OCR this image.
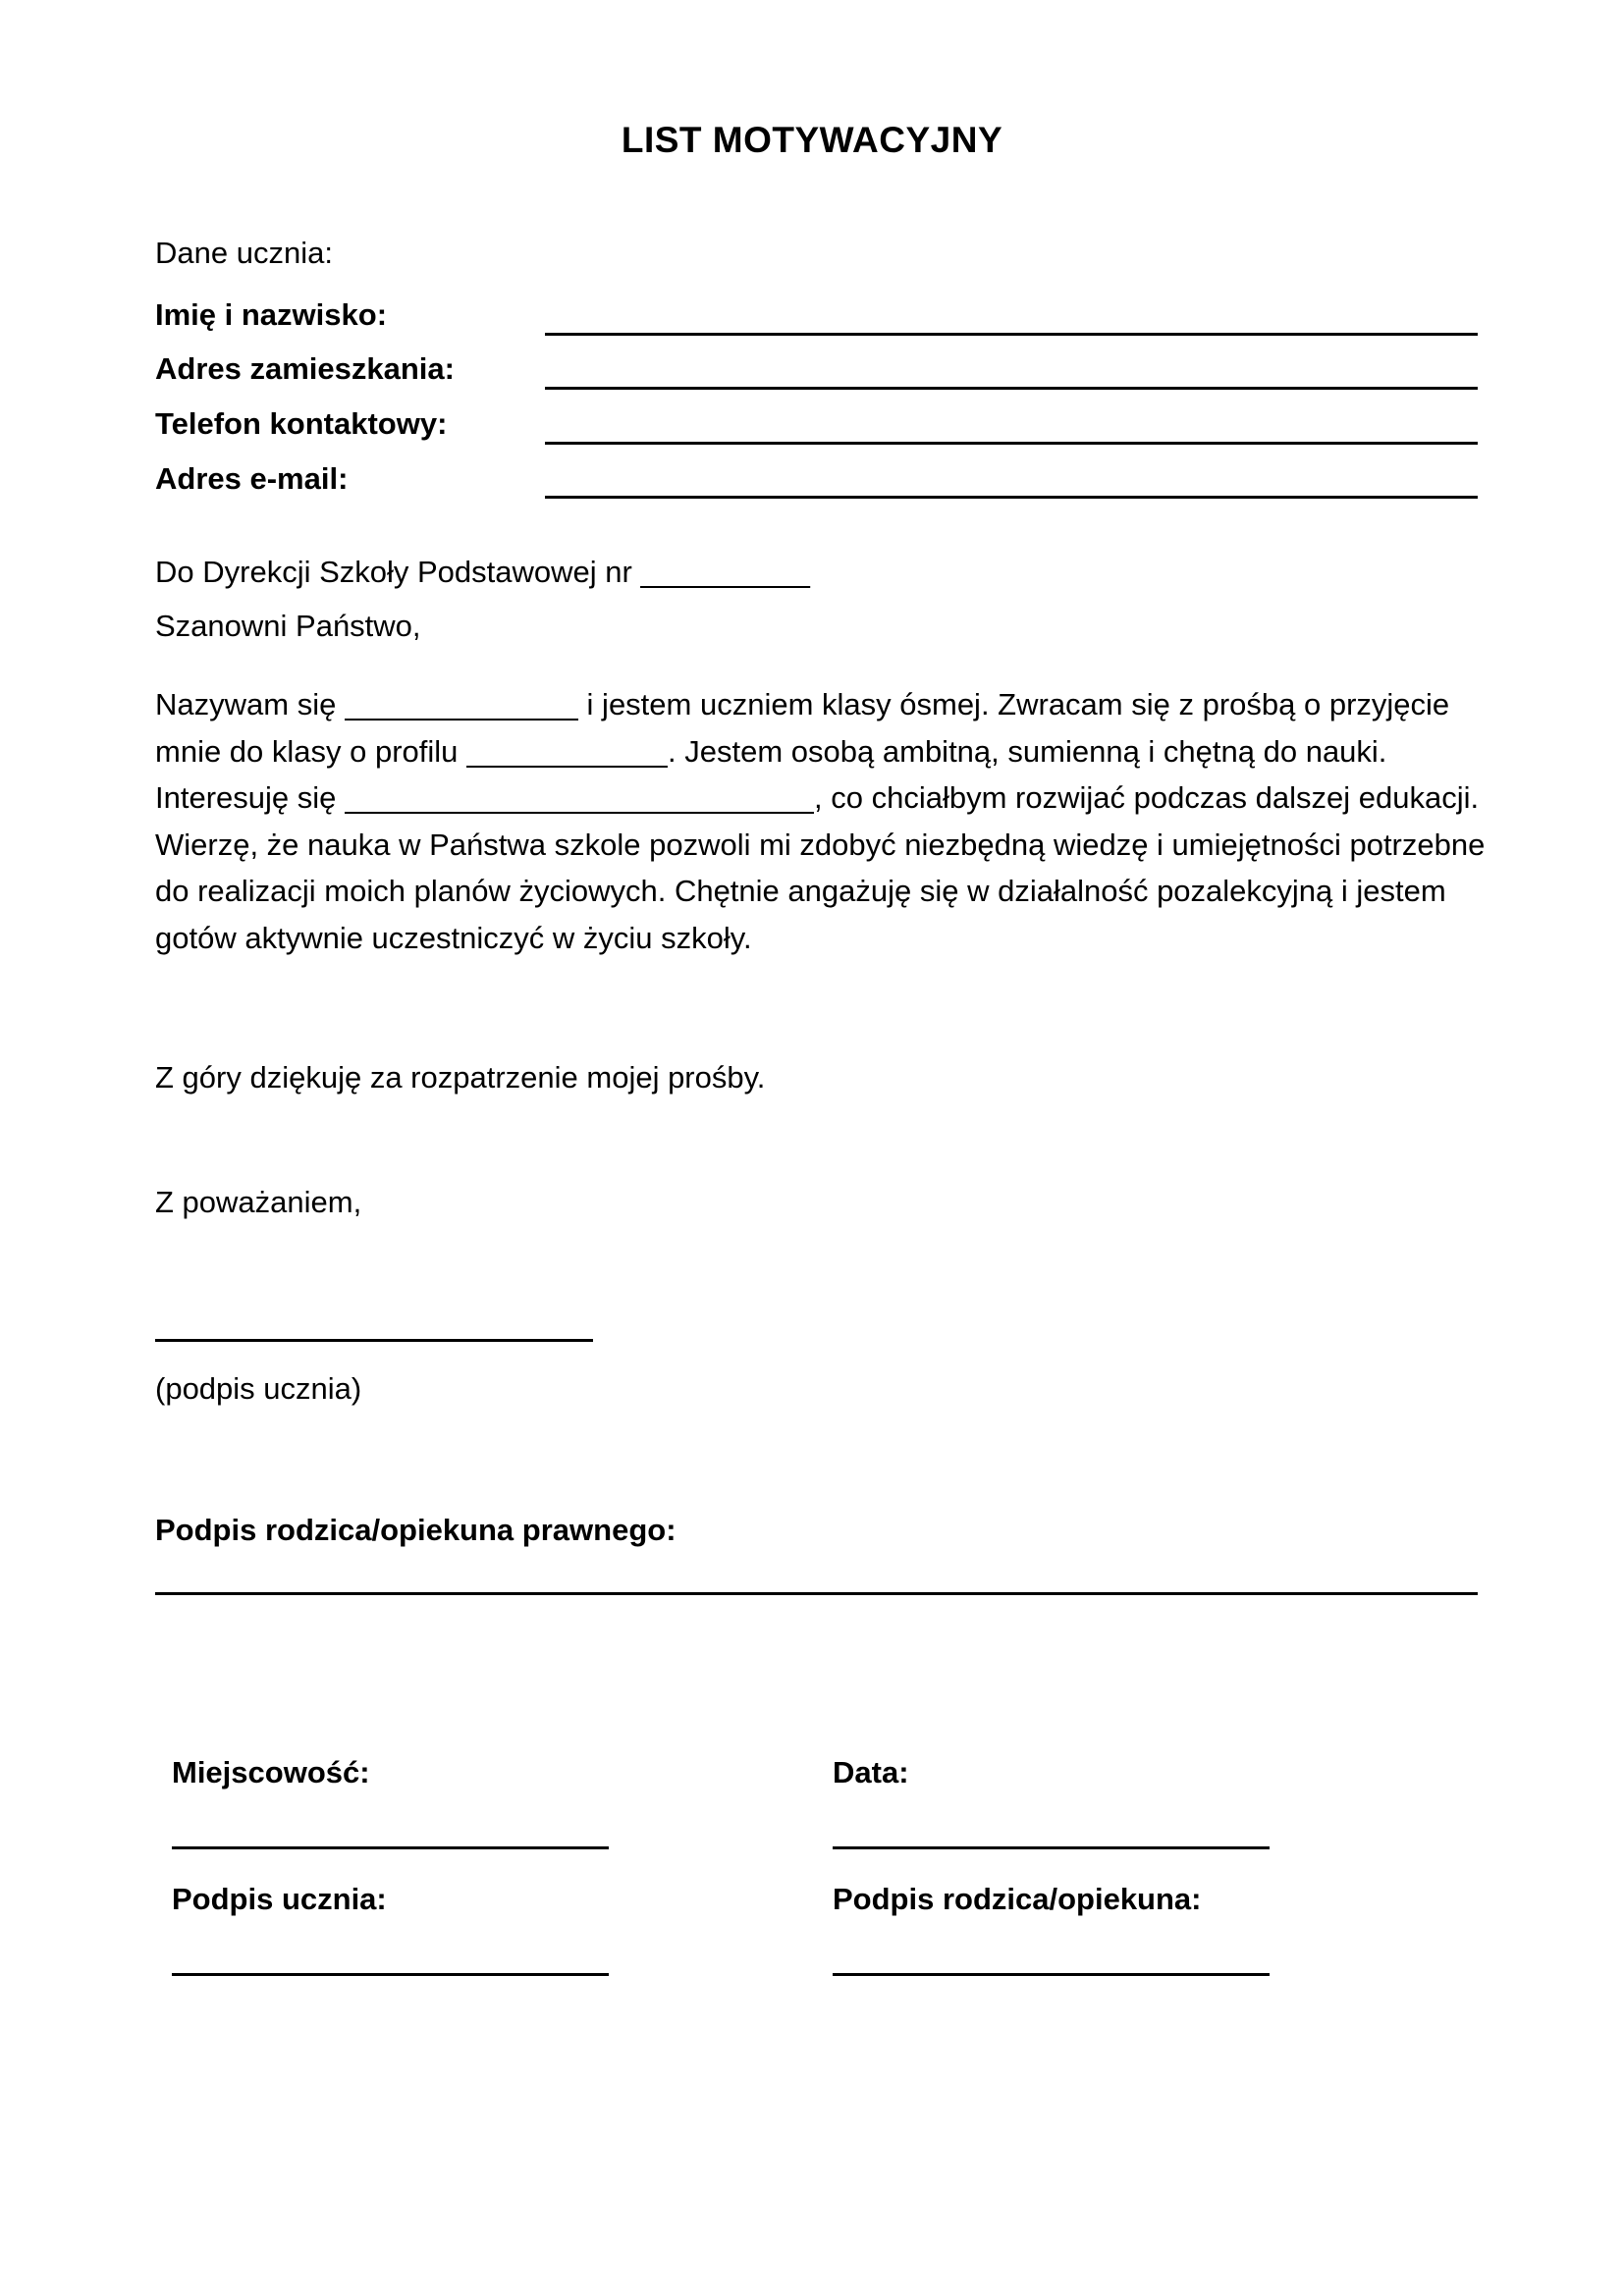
LIST MOTYWACYJNY
Dane ucznia:
Imię i nazwisko:
Adres zamieszkania:
Telefon kontaktowy:
Adres e-mail:
Do Dyrekcji Szkoły Podstawowej nr __________
Szanowni Państwo,
Nazywam się	i jestem uczniem klasy ósmej. Zwracam się z prośbą o przyjęcie
mnie do klasy o profilu	. Jestem osobą ambitną, sumienną i chętną do nauki.
Interesuję się	, co chciałbym rozwijać podczas dalszej edukacji.
Wierzę, że nauka w Państwa szkole pozwoli mi zdobyć niezbędną wiedzę i umiejętności potrzebne
do realizacji moich planów życiowych. Chętnie angażuję się w działalność pozalekcyjną i jestem
gotów aktywnie uczestniczyć w życiu szkoły.
Z góry dziękuję za rozpatrzenie mojej prośby.
Z poważaniem,
(podpis ucznia)
Podpis rodzica/opiekuna prawnego:
Miejscowość:	Data:
Podpis ucznia:	Podpis rodzica/opiekuna:
